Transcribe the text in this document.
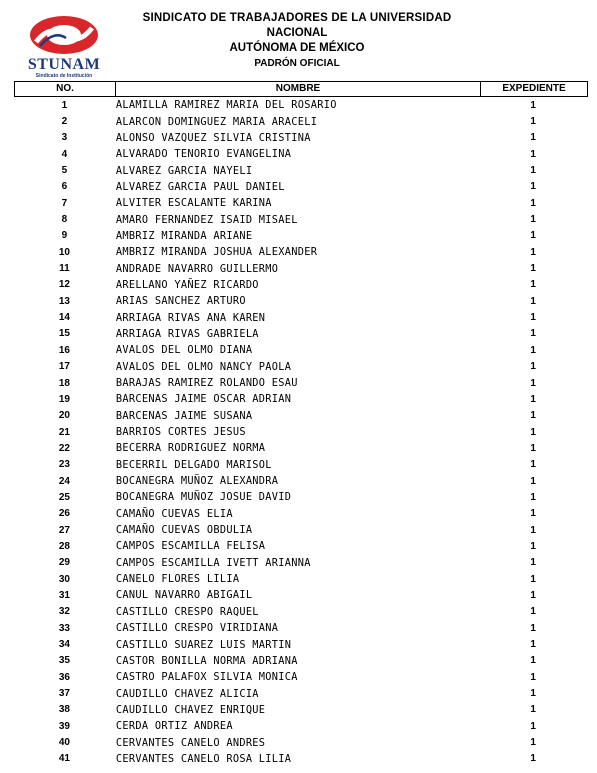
STUNAM
Sindicato de Institución
SINDICATO DE TRABAJADORES DE LA UNIVERSIDAD
NACIONAL
AUTÓNOMA DE MÉXICO
PADRÓN OFICIAL
NO.	NOMBRE	EXPEDIENTE
1	ALAMILLA RAMIREZ MARIA DEL ROSARIO	1
2	ALARCON DOMINGUEZ MARIA ARACELI	1
3	ALONSO VAZQUEZ SILVIA CRISTINA	1
4	ALVARADO TENORIO EVANGELINA	1
5	ALVAREZ GARCIA NAYELI	1
6	ALVAREZ GARCIA PAUL DANIEL	1
7	ALVITER ESCALANTE KARINA	1
8	AMARO FERNANDEZ ISAID MISAEL	1
9	AMBRIZ MIRANDA ARIANE	1
10	AMBRIZ MIRANDA JOSHUA ALEXANDER	1
11	ANDRADE NAVARRO GUILLERMO	1
12	ARELLANO YAÑEZ RICARDO	1
13	ARIAS SANCHEZ ARTURO	1
14	ARRIAGA RIVAS ANA KAREN	1
15	ARRIAGA RIVAS GABRIELA	1
16	AVALOS DEL OLMO DIANA	1
17	AVALOS DEL OLMO NANCY PAOLA	1
18	BARAJAS RAMIREZ ROLANDO ESAU	1
19	BARCENAS JAIME OSCAR ADRIAN	1
20	BARCENAS JAIME SUSANA	1
21	BARRIOS CORTES JESUS	1
22	BECERRA RODRIGUEZ NORMA	1
23	BECERRIL DELGADO MARISOL	1
24	BOCANEGRA MUÑOZ ALEXANDRA	1
25	BOCANEGRA MUÑOZ JOSUE DAVID	1
26	CAMAÑO CUEVAS ELIA	1
27	CAMAÑO CUEVAS OBDULIA	1
28	CAMPOS ESCAMILLA FELISA	1
29	CAMPOS ESCAMILLA IVETT ARIANNA	1
30	CANELO FLORES LILIA	1
31	CANUL NAVARRO ABIGAIL	1
32	CASTILLO CRESPO RAQUEL	1
33	CASTILLO CRESPO VIRIDIANA	1
34	CASTILLO SUAREZ LUIS MARTIN	1
35	CASTOR BONILLA NORMA ADRIANA	1
36	CASTRO PALAFOX SILVIA MONICA	1
37	CAUDILLO CHAVEZ ALICIA	1
38	CAUDILLO CHAVEZ ENRIQUE	1
39	CERDA ORTIZ ANDREA	1
40	CERVANTES CANELO ANDRES	1
41	CERVANTES CANELO ROSA LILIA	1
